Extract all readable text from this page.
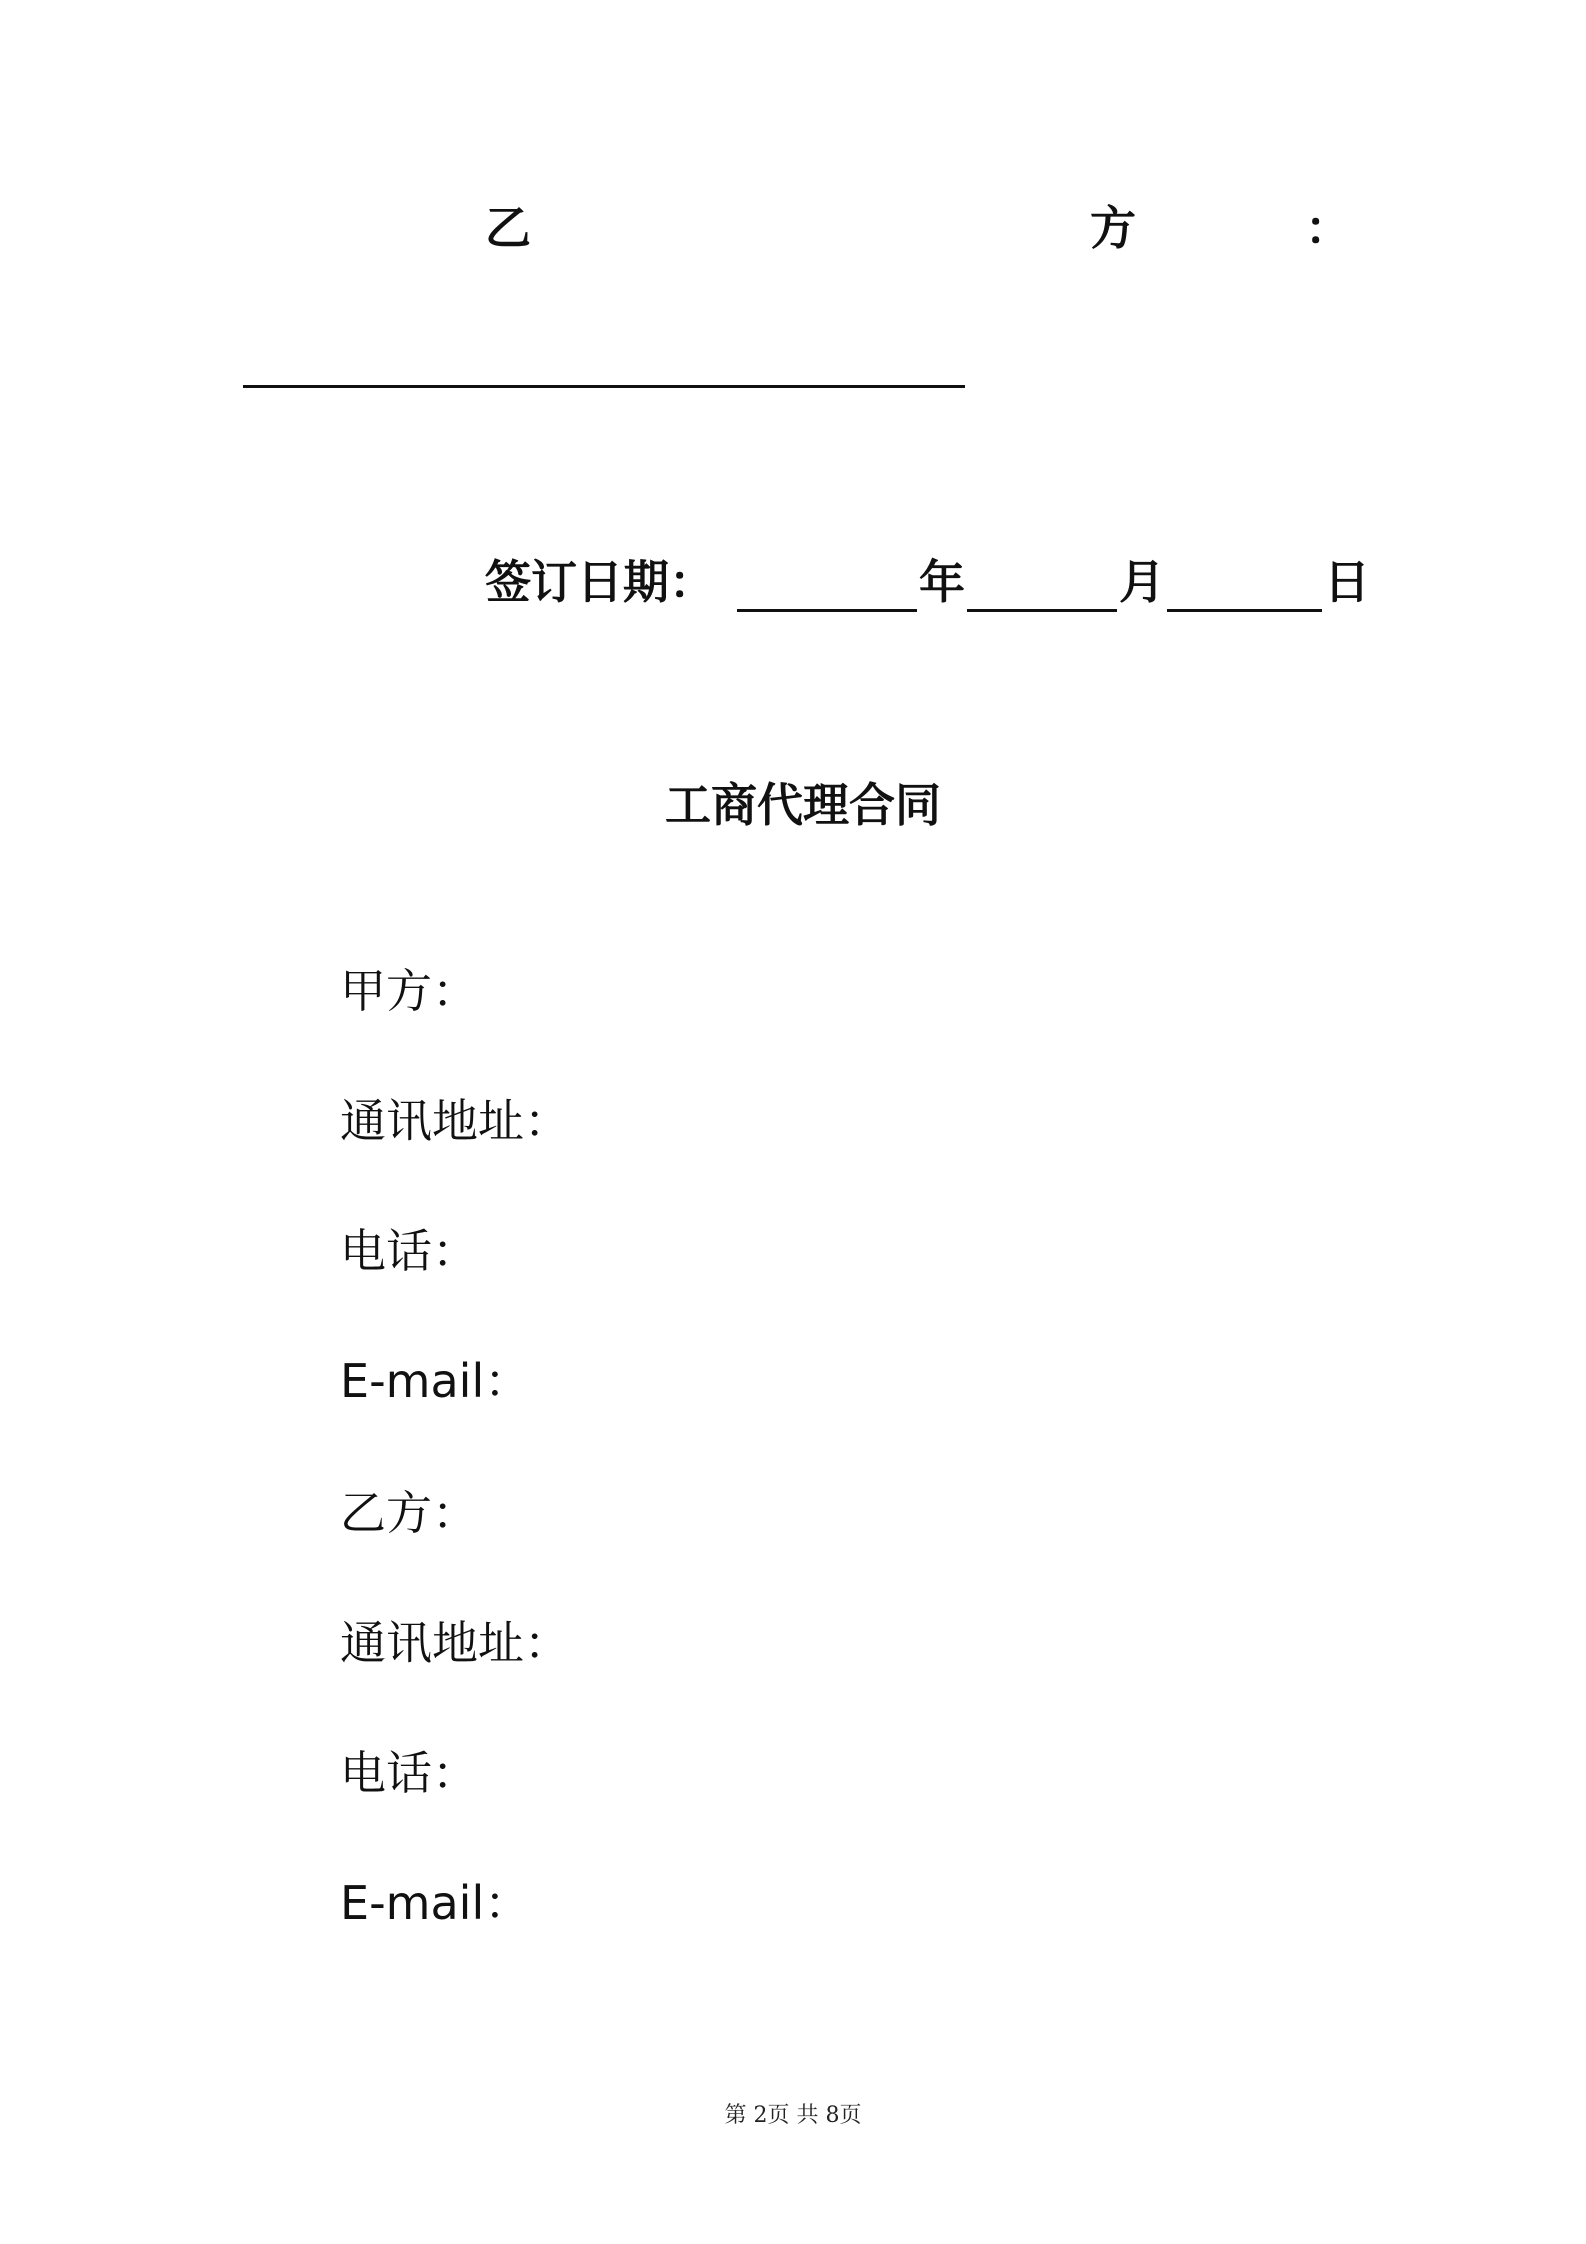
乙	方	：
签订日期：	年	月	日
工商代理合同
甲方：
通讯地址：
电话：
E-mail：
乙方：
通讯地址：
电话：
E-mail：
第 2页 共 8页
